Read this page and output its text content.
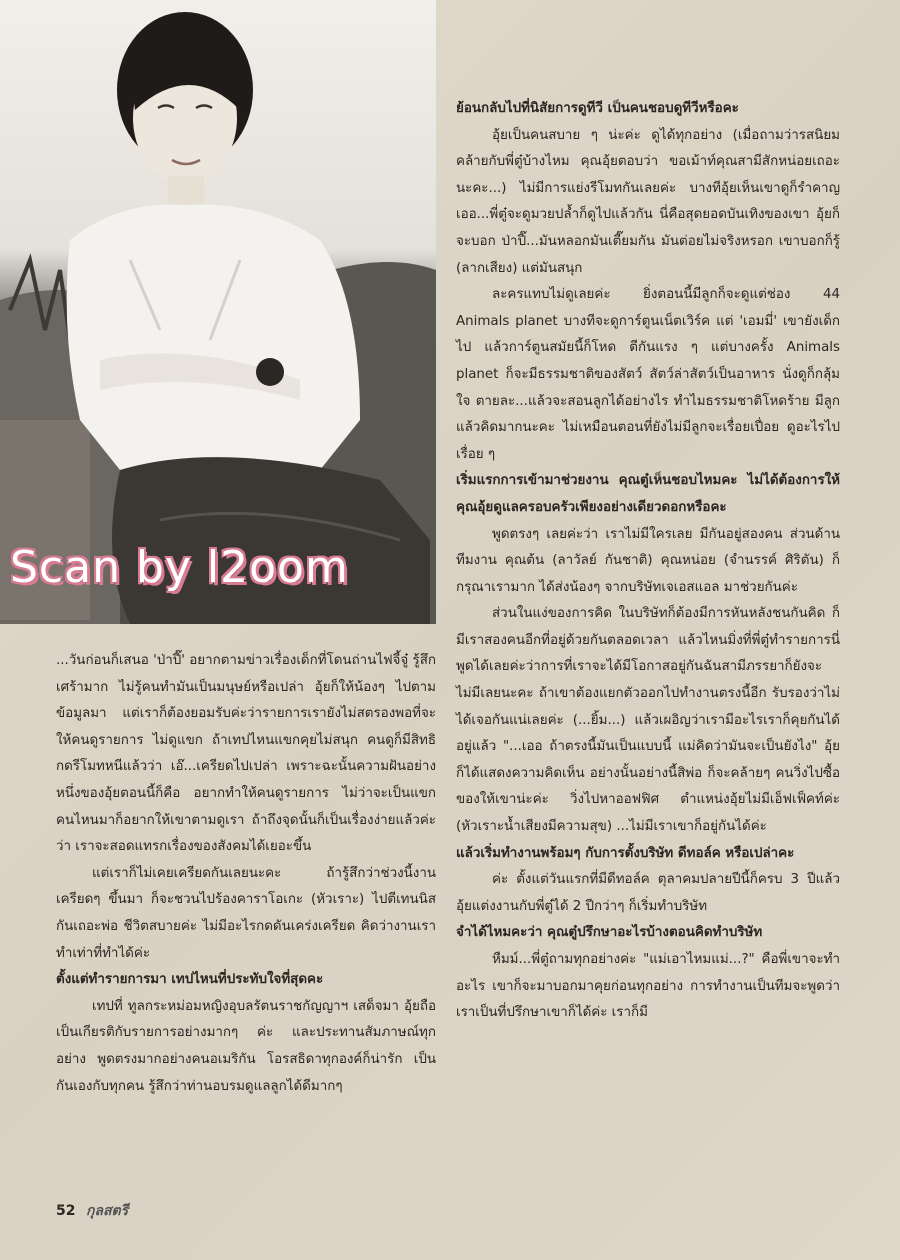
Scan by l2oom

ย้อนกลับไปที่นิสัยการดูทีวี เป็นคนชอบดูทีวีหรือคะ

อุ้ยเป็นคนสบาย ๆ น่ะค่ะ ดูได้ทุกอย่าง (เมื่อถามว่ารสนิยมคล้ายกับพี่ตู๋บ้างไหม คุณอุ้ยตอบว่า ขอเม้าท์คุณสามีสักหน่อยเถอะนะคะ...) ไม่มีการแย่งรีโมทกันเลยค่ะ บางทีอุ้ยเห็นเขาดูก็รำคาญ เออ...พี่ตู๋จะดูมวยปล้ำก็ดูไปแล้วกัน นี่คือสุดยอดบันเทิงของเขา อุ้ยก็จะบอก ป่าปี๊...มันหลอกมันเตี๊ยมกัน มันต่อยไม่จริงหรอก เขาบอกก็รู้ (ลากเสียง) แต่มันสนุก

ละครแทบไม่ดูเลยค่ะ ยิ่งตอนนี้มีลูกก็จะดูแต่ช่อง 44 Animals planet บางทีจะดูการ์ตูนเน็ตเวิร์ค แต่ 'เอมมี่' เขายังเด็กไป แล้วการ์ตูนสมัยนี้ก็โหด ตีกันแรง ๆ แต่บางครั้ง Animals planet ก็จะมีธรรมชาติของสัตว์ สัตว์ล่าสัตว์เป็นอาหาร นั่งดูก็กลุ้มใจ ตายละ...แล้วจะสอนลูกได้อย่างไร ทำไมธรรมชาติโหดร้าย มีลูกแล้วคิดมากนะคะ ไม่เหมือนตอนที่ยังไม่มีลูกจะเรื่อยเปื่อย ดูอะไรไปเรื่อย ๆ

เริ่มแรกการเข้ามาช่วยงาน คุณตู๋เห็นชอบไหมคะ ไม่ได้ต้องการให้คุณอุ้ยดูแลครอบครัวเพียงอย่างเดียวดอกหรือคะ

พูดตรงๆ เลยค่ะว่า เราไม่มีใครเลย มีกันอยู่สองคน ส่วนด้านทีมงาน คุณต้น (ลาวัลย์ กันชาติ) คุณหน่อย (จำนรรค์ ศิริตัน) ก็กรุณาเรามาก ได้ส่งน้องๆ จากบริษัทเจเอสแอล มาช่วยกันค่ะ

ส่วนในแง่ของการคิด ในบริษัทก็ต้องมีการหันหลังชนกันคิด ก็มีเราสองคนอีกที่อยู่ด้วยกันตลอดเวลา แล้วไหนมิ่งที่พี่ตู๋ทำรายการนี่ พูดได้เลยค่ะว่าการที่เราจะได้มีโอกาสอยู่กันฉันสามีภรรยาก็ยังจะไม่มีเลยนะคะ ถ้าเขาต้องแยกตัวออกไปทำงานตรงนี้อีก รับรองว่าไม่ได้เจอกันแน่เลยค่ะ (...ยิ้ม...) แล้วเผอิญว่าเรามีอะไรเราก็คุยกันได้อยู่แล้ว "...เออ ถ้าตรงนี้มันเป็นแบบนี้ แม่คิดว่ามันจะเป็นยังไง" อุ้ยก็ได้แสดงความคิดเห็น อย่างนั้นอย่างนี้สิพ่อ ก็จะคล้ายๆ คนวิ่งไปซื้อของให้เขาน่ะค่ะ วิ่งไปหาออฟฟิศ ตำแหน่งอุ้ยไม่มีเอ็ฟเฟ็คท์ค่ะ (หัวเราะน้ำเสียงมีความสุข) ...ไม่มีเราเขาก็อยู่กันได้ค่ะ

แล้วเริ่มทำงานพร้อมๆ กับการตั้งบริษัท ดีทอล์ค หรือเปล่าคะ

ค่ะ ตั้งแต่วันแรกที่มีดีทอล์ค ตุลาคมปลายปีนี้ก็ครบ 3 ปีแล้ว อุ้ยแต่งงานกับพี่ตู๋ได้ 2 ปีกว่าๆ ก็เริ่มทำบริษัท

จำได้ไหมคะว่า คุณตู๋ปรึกษาอะไรบ้างตอนคิดทำบริษัท

หืมม์...พี่ตู๋ถามทุกอย่างค่ะ "แม่เอาไหมแม่...?" คือพี่เขาจะทำอะไร เขาก็จะมาบอกมาคุยก่อนทุกอย่าง การทำงานเป็นทีมจะพูดว่าเราเป็นที่ปรึกษาเขาก็ได้ค่ะ เราก็มี

...วันก่อนก็เสนอ 'ป่าปี๊' อยากตามข่าวเรื่องเด็กที่โดนถ่านไฟจี้จู๋ รู้สึกเศร้ามาก ไม่รู้คนทำมันเป็นมนุษย์หรือเปล่า อุ้ยก็ให้น้องๆ ไปตามข้อมูลมา แต่เราก็ต้องยอมรับค่ะว่ารายการเรายังไม่สตรองพอที่จะให้คนดูรายการ ไม่ดูแขก ถ้าเทปไหนแขกคุยไม่สนุก คนดูก็มีสิทธิกดรีโมทหนีแล้วว่า เอ๊...เครียดไปเปล่า เพราะฉะนั้นความฝันอย่างหนึ่งของอุ้ยตอนนี้ก็คือ อยากทำให้คนดูรายการ ไม่ว่าจะเป็นแขกคนไหนมาก็อยากให้เขาตามดูเรา ถ้าถึงจุดนั้นก็เป็นเรื่องง่ายแล้วค่ะ ว่า เราจะสอดแทรกเรื่องของสังคมได้เยอะขึ้น

แต่เราก็ไม่เคยเครียดกันเลยนะคะ ถ้ารู้สึกว่าช่วงนี้งานเครียดๆ ขึ้นมา ก็จะชวนไปร้องคาราโอเกะ (หัวเราะ) ไปตีเทนนิสกันเถอะพ่อ ชีวิตสบายค่ะ ไม่มีอะไรกดดันเคร่งเครียด คิดว่างานเราทำเท่าที่ทำได้ค่ะ

ตั้งแต่ทำรายการมา เทปไหนที่ประทับใจที่สุดคะ

เทปที่ ทูลกระหม่อมหญิงอุบลรัตนราชกัญญาฯ เสด็จมา อุ้ยถือเป็นเกียรติกับรายการอย่างมากๆ ค่ะ และประทานสัมภาษณ์ทุกอย่าง พูดตรงมากอย่างคนอเมริกัน โอรสธิดาทุกองค์ก็น่ารัก เป็นกันเองกับทุกคน รู้สึกว่าท่านอบรมดูแลลูกได้ดีมากๆ

52 กุลสตรี
